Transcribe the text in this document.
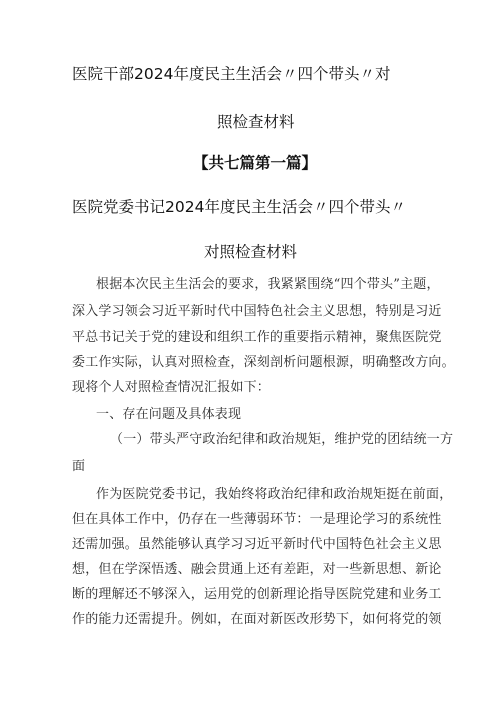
医院干部2024年度民主生活会〃四个带头〃对
照检查材料
【共七篇第一篇】
医院党委书记2024年度民主生活会〃四个带头〃
对照检查材料
根据本次民主生活会的要求，我紧紧围绕“四个带头”主题，
深入学习领会习近平新时代中国特色社会主义思想，特别是习近
平总书记关于党的建设和组织工作的重要指示精神，聚焦医院党
委工作实际，认真对照检查，深刻剖析问题根源，明确整改方向。
现将个人对照检查情况汇报如下：
一、存在问题及具体表现
（一）带头严守政治纪律和政治规矩，维护党的团结统一方
面
作为医院党委书记，我始终将政治纪律和政治规矩挺在前面，
但在具体工作中，仍存在一些薄弱环节：一是理论学习的系统性
还需加强。虽然能够认真学习习近平新时代中国特色社会主义思
想，但在学深悟透、融会贯通上还有差距，对一些新思想、新论
断的理解还不够深入，运用党的创新理论指导医院党建和业务工
作的能力还需提升。例如，在面对新医改形势下，如何将党的领
